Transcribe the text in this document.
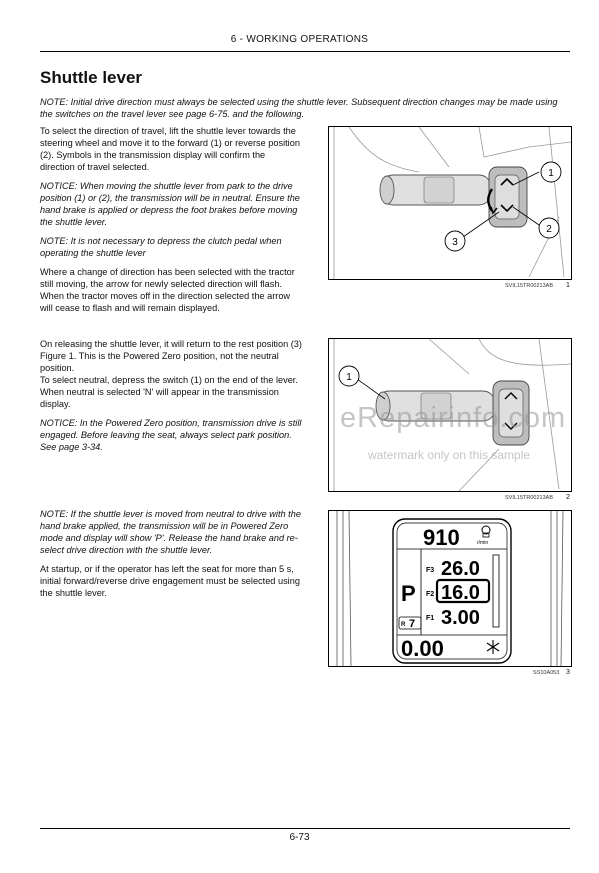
6 - WORKING OPERATIONS
Shuttle lever
NOTE: Initial drive direction must always be selected using the shuttle lever. Subsequent direction changes may be made using the switches on the travel lever see page 6-75. and the following.

To select the direction of travel, lift the shuttle lever towards the steering wheel and move it to the forward (1) or reverse position (2). Symbols in the transmission display will confirm the direction of travel selected.

NOTICE: When moving the shuttle lever from park to the drive position (1) or (2), the transmission will be in neutral. Ensure the hand brake is applied or depress the foot brakes before moving the shuttle lever.

NOTE: It is not necessary to depress the clutch pedal when operating the shuttle lever

Where a change of direction has been selected with the tractor still moving, the arrow for newly selected direction will flash. When the tractor moves off in the direction selected the arrow will cease to flash and will remain displayed.

On releasing the shuttle lever, it will return to the rest position (3) Figure 1. This is the Powered Zero position, not the neutral position.

To select neutral, depress the switch (1) on the end of the lever. When neutral is selected 'N' will appear in the transmission display.

NOTICE: In the Powered Zero position, transmission drive is still engaged. Before leaving the seat, always select park position. See page 3-34.

NOTE: If the shuttle lever is moved from neutral to drive with the hand brake applied, the transmission will be in Powered Zero mode and display will show 'P'. Release the hand brake and re-select drive direction with the shuttle lever.

At startup, or if the operator has left the seat for more than 5 s, initial forward/reverse drive engagement must be selected using the shuttle lever.

1
2
3
SVIL15TR00213AB 1
1
SVIL15TR00213AB 2
910	r/min
F3 26.0
F2 16.0
F1 3.00
P
R 7
0.00
SS10A053 3
eRepairinfo.com
watermark only on this sample
6-73
